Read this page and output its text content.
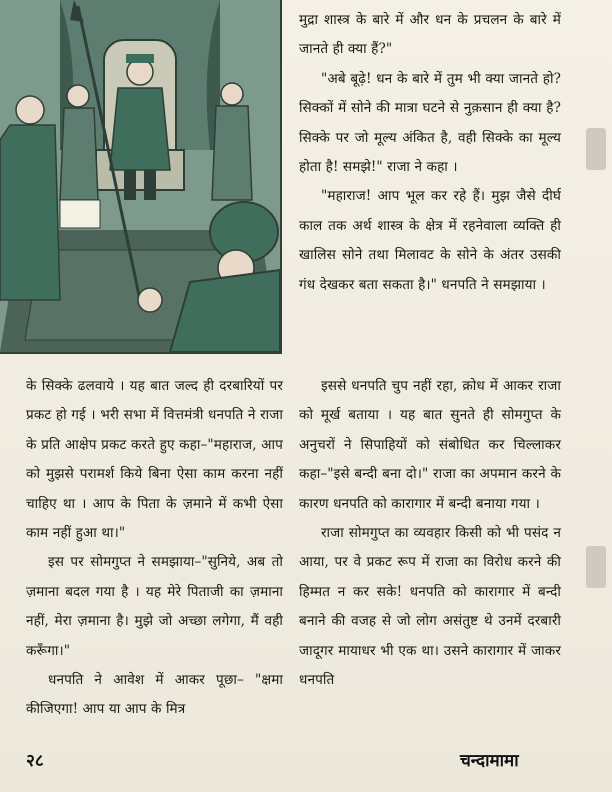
मुद्रा शास्त्र के बारे में और धन के प्रचलन के बारे में जानते ही क्या हैं?"

"अबे बूढ़े! धन के बारे में तुम भी क्या जानते हो? सिक्कों में सोने की मात्रा घटने से नुक़सान ही क्या है? सिक्के पर जो मूल्य अंकित है, वही सिक्के का मूल्य होता है! समझे!" राजा ने कहा ।

"महाराज! आप भूल कर रहे हैं। मुझ जैसे दीर्घ काल तक अर्थ शास्त्र के क्षेत्र में रहनेवाला व्यक्ति ही खालिस सोने तथा मिलावट के सोने के अंतर उसकी गंध देखकर बता सकता है।" धनपति ने समझाया ।

के सिक्के ढलवाये । यह बात जल्द ही दरबारियों पर प्रकट हो गई । भरी सभा में वित्तमंत्री धनपति ने राजा के प्रति आक्षेप प्रकट करते हुए कहा–"महाराज, आप को मुझसे परामर्श किये बिना ऐसा काम करना नहीं चाहिए था । आप के पिता के ज़माने में कभी ऐसा काम नहीं हुआ था।"

इस पर सोमगुप्त ने समझाया–"सुनिये, अब तो ज़माना बदल गया है । यह मेरे पिताजी का ज़माना नहीं, मेरा ज़माना है। मुझे जो अच्छा लगेगा, मैं वही करूँगा।"

धनपति ने आवेश में आकर पूछा– "क्षमा कीजिएगा! आप या आप के मित्र

इससे धनपति चुप नहीं रहा, क्रोध में आकर राजा को मूर्ख बताया । यह बात सुनते ही सोमगुप्त के अनुचरों ने सिपाहियों को संबोधित कर चिल्लाकर कहा–"इसे बन्दी बना दो।" राजा का अपमान करने के कारण धनपति को कारागार में बन्दी बनाया गया ।

राजा सोमगुप्त का व्यवहार किसी को भी पसंद न आया, पर वे प्रकट रूप में राजा का विरोध करने की हिम्मत न कर सके! धनपति को कारागार में बन्दी बनाने की वजह से जो लोग असंतुष्ट थे उनमें दरबारी जादूगर मायाधर भी एक था। उसने कारागार में जाकर धनपति

२८	चन्दामामा
